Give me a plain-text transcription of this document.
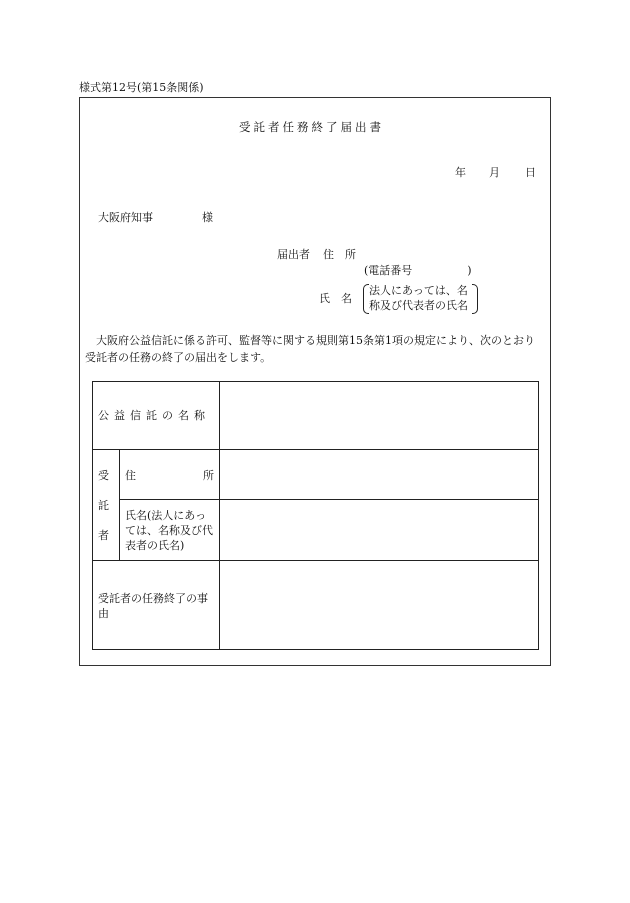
様式第12号(第15条関係)
受託者任務終了届出書
年 月 日
大阪府知事	様
届出者 住　所
(電話番号　　　　　)
氏　名
法人にあっては、名
称及び代表者の氏名
　大阪府公益信託に係る許可、監督等に関する規則第15条第1項の規定により、次のとおり受託者の任務の終了の届出をします。
公益信託の名称
受
託
者
住	所
氏名(法人にあっては、名称及び代表者の氏名)
受託者の任務終了の事由
